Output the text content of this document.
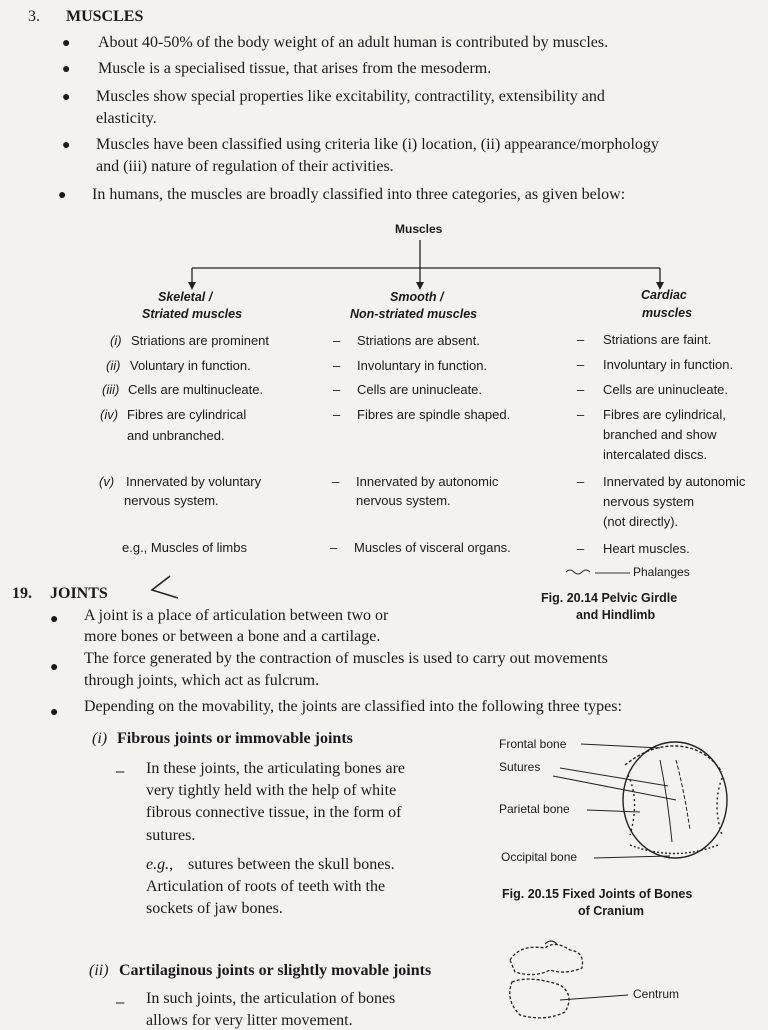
3. MUSCLES
● About 40-50% of the body weight of an adult human is contributed by muscles.
● Muscle is a specialised tissue, that arises from the mesoderm.
● Muscles show special properties like excitability, contractility, extensibility and
elasticity.
● Muscles have been classified using criteria like (i) location, (ii) appearance/morphology
and (iii) nature of regulation of their activities.
● In humans, the muscles are broadly classified into three categories, as given below:
Muscles
Skeletal /
Striated muscles
Smooth /
Non-striated muscles
Cardiac
muscles
(i) Striations are prominent
(ii) Voluntary in function.
(iii) Cells are multinucleate.
(iv) Fibres are cylindrical
and unbranched.
(v) Innervated by voluntary
nervous system.
e.g., Muscles of limbs
– Striations are absent.
– Involuntary in function.
– Cells are uninucleate.
– Fibres are spindle shaped.
– Innervated by autonomic
nervous system.
– Muscles of visceral organs.
– Striations are faint.
– Involuntary in function.
– Cells are uninucleate.
– Fibres are cylindrical,
branched and show
intercalated discs.
– Innervated by autonomic
nervous system
(not directly).
– Heart muscles.
Phalanges
Fig. 20.14 Pelvic Girdle
and Hindlimb
19. JOINTS
● A joint is a place of articulation between two or
more bones or between a bone and a cartilage.
●
The force generated by the contraction of muscles is used to carry out movements
through joints, which act as fulcrum.
● Depending on the movability, the joints are classified into the following three types:
(i) Fibrous joints or immovable joints
– In these joints, the articulating bones are
very tightly held with the help of white
fibrous connective tissue, in the form of
sutures.
e.g., sutures between the skull bones.
Articulation of roots of teeth with the
sockets of jaw bones.
(ii) Cartilaginous joints or slightly movable joints
– In such joints, the articulation of bones
allows for very litter movement.
Frontal bone
Sutures
Parietal bone
Occipital bone
Fig. 20.15 Fixed Joints of Bones
of Cranium
Centrum
